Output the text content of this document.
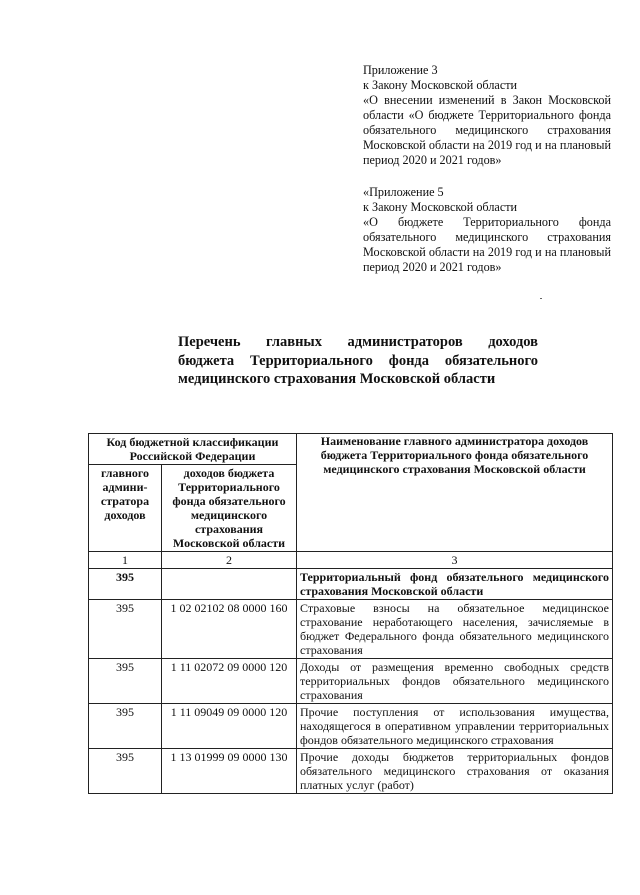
Приложение 3

к Закону Московской области

«О внесении изменений в Закон Московской области «О бюджете Территориального фонда обязательного медицинского страхования Московской области на 2019 год и на плановый период 2020 и 2021 годов»

«Приложение 5

к Закону Московской области

«О бюджете Территориального фонда обязательного медицинского страхования Московской области на 2019 год и на плановый период 2020 и 2021 годов»

Перечень главных администраторов доходов
бюджета Территориального фонда обязательного
медицинского страхования Московской области
Код бюджетной классификации Российской Федерации		Наименование главного администратора доходов бюджета Территориального фонда обязательного медицинского страхования Московской области
главного админи-стратора доходов	доходов бюджета Территориального фонда обязательного медицинского страхования Московской области	
1	2	3
395		Территориальный фонд обязательного медицинского страхования Московской области
395	1 02 02102 08 0000 160	Страховые взносы на обязательное медицинское страхование неработающего населения, зачисляемые в бюджет Федерального фонда обязательного медицинского страхования
395	1 11 02072 09 0000 120	Доходы от размещения временно свободных средств территориальных фондов обязательного медицинского страхования
395	1 11 09049 09 0000 120	Прочие поступления от использования имущества, находящегося в оперативном управлении территориальных фондов обязательного медицинского страхования
395	1 13 01999 09 0000 130	Прочие доходы бюджетов территориальных фондов обязательного медицинского страхования от оказания платных услуг (работ)
